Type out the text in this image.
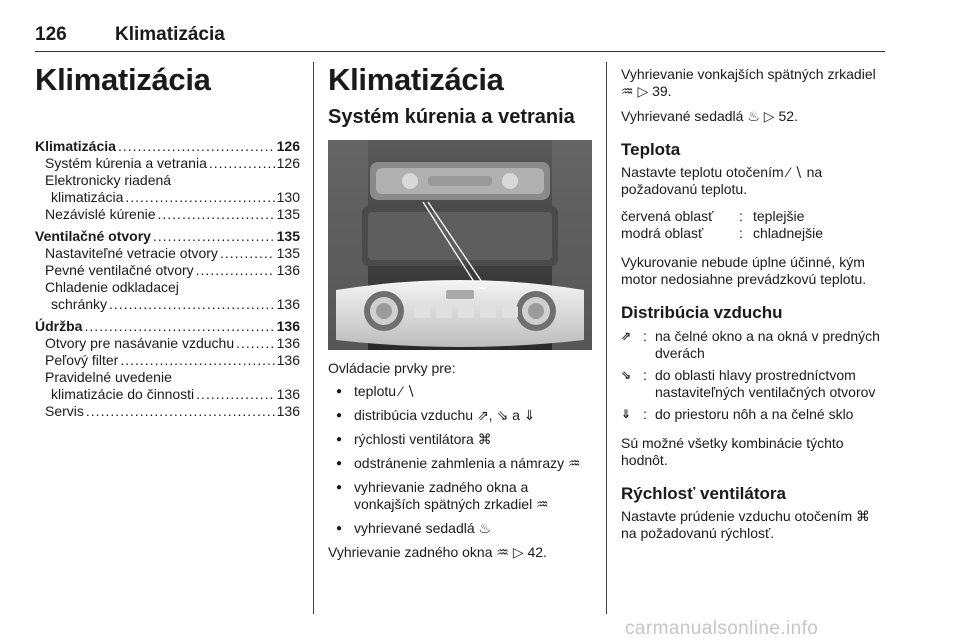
126	Klimatizácia
Klimatizácia
Klimatizácia .....	126
Systém kúrenia a vetrania .....	126
Elektronicky riadená
klimatizácia .....	130
Nezávislé kúrenie .....	135
Ventilačné otvory .....	135
Nastaviteľné vetracie otvory .....	135
Pevné ventilačné otvory .....	136
Chladenie odkladacej
schránky .....	136
Údržba .....	136
Otvory pre nasávanie vzduchu .....	136
Peľový filter .....	136
Pravidelné uvedenie
klimatizácie do činnosti .....	136
Servis .....	136
Klimatizácia
Systém kúrenia a vetrania

Ovládacie prvky pre:

● teplotu ⁄ ∖
● distribúcia vzduchu ⇗, ⇘ a ⇓
● rýchlosti ventilátora ⌘
● odstránenie zahmlenia a námrazy ♒
● vyhrievanie zadného okna a vonkajších spätných zrkadiel ♒
● vyhrievané sedadlá ♨

Vyhrievanie zadného okna ♒ ▷ 42.

Vyhrievanie vonkajších spätných zrkadiel ♒ ▷ 39.

Vyhrievané sedadlá ♨ ▷ 52.

Teplota

Nastavte teplotu otočením ⁄ ∖ na požadovanú teplotu.

červená oblasť	: teplejšie
modrá oblasť	: chladnejšie

Vykurovanie nebude úplne účinné, kým motor nedosiahne prevádzkovú teplotu.

Distribúcia vzduchu
⇗ : na čelné okno a na okná v predných dverách
⇘ : do oblasti hlavy prostredníctvom nastaviteľných ventilačných otvorov
⇓ : do priestoru nôh a na čelné sklo

Sú možné všetky kombinácie týchto hodnôt.

Rýchlosť ventilátora

Nastavte prúdenie vzduchu otočením ⌘ na požadovanú rýchlosť.

carmanualsonline.info
